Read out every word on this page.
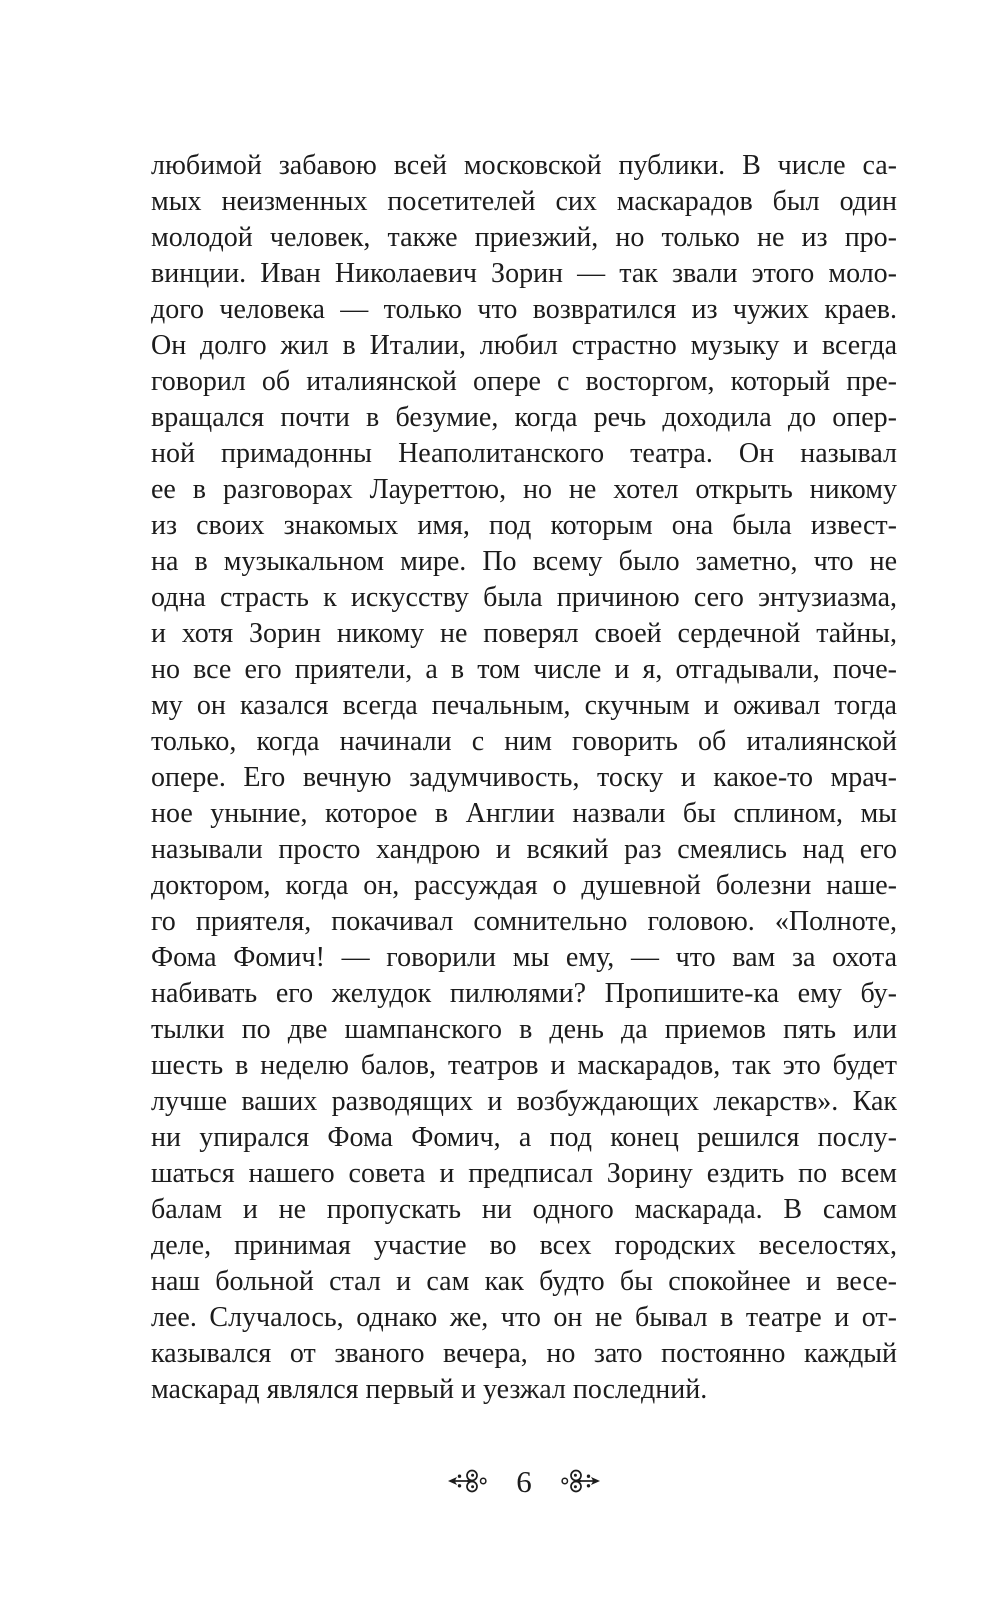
любимой забавою всей московской публики. В числе са-
мых неизменных посетителей сих маскарадов был один
молодой человек, также приезжий, но только не из про-
винции. Иван Николаевич Зорин — так звали этого моло-
дого человека — только что возвратился из чужих краев.
Он долго жил в Италии, любил страстно музыку и всегда
говорил об италиянской опере с восторгом, который пре-
вращался почти в безумие, когда речь доходила до опер-
ной примадонны Неаполитанского театра. Он называл
ее в разговорах Лауреттою, но не хотел открыть никому
из своих знакомых имя, под которым она была извест-
на в музыкальном мире. По всему было заметно, что не
одна страсть к искусству была причиною сего энтузиазма,
и хотя Зорин никому не поверял своей сердечной тайны,
но все его приятели, а в том числе и я, отгадывали, поче-
му он казался всегда печальным, скучным и оживал тогда
только, когда начинали с ним говорить об италиянской
опере. Его вечную задумчивость, тоску и какое-то мрач-
ное уныние, которое в Англии назвали бы сплином, мы
называли просто хандрою и всякий раз смеялись над его
доктором, когда он, рассуждая о душевной болезни наше-
го приятеля, покачивал сомнительно головою. «Полноте,
Фома Фомич! — говорили мы ему, — что вам за охота
набивать его желудок пилюлями? Пропишите-ка ему бу-
тылки по две шампанского в день да приемов пять или
шесть в неделю балов, театров и маскарадов, так это будет
лучше ваших разводящих и возбуждающих лекарств». Как
ни упирался Фома Фомич, а под конец решился послу-
шаться нашего совета и предписал Зорину ездить по всем
балам и не пропускать ни одного маскарада. В самом
деле, принимая участие во всех городских веселостях,
наш больной стал и сам как будто бы спокойнее и весе-
лее. Случалось, однако же, что он не бывал в театре и от-
казывался от званого вечера, но зато постоянно каждый
маскарад являлся первый и уезжал последний.
6
